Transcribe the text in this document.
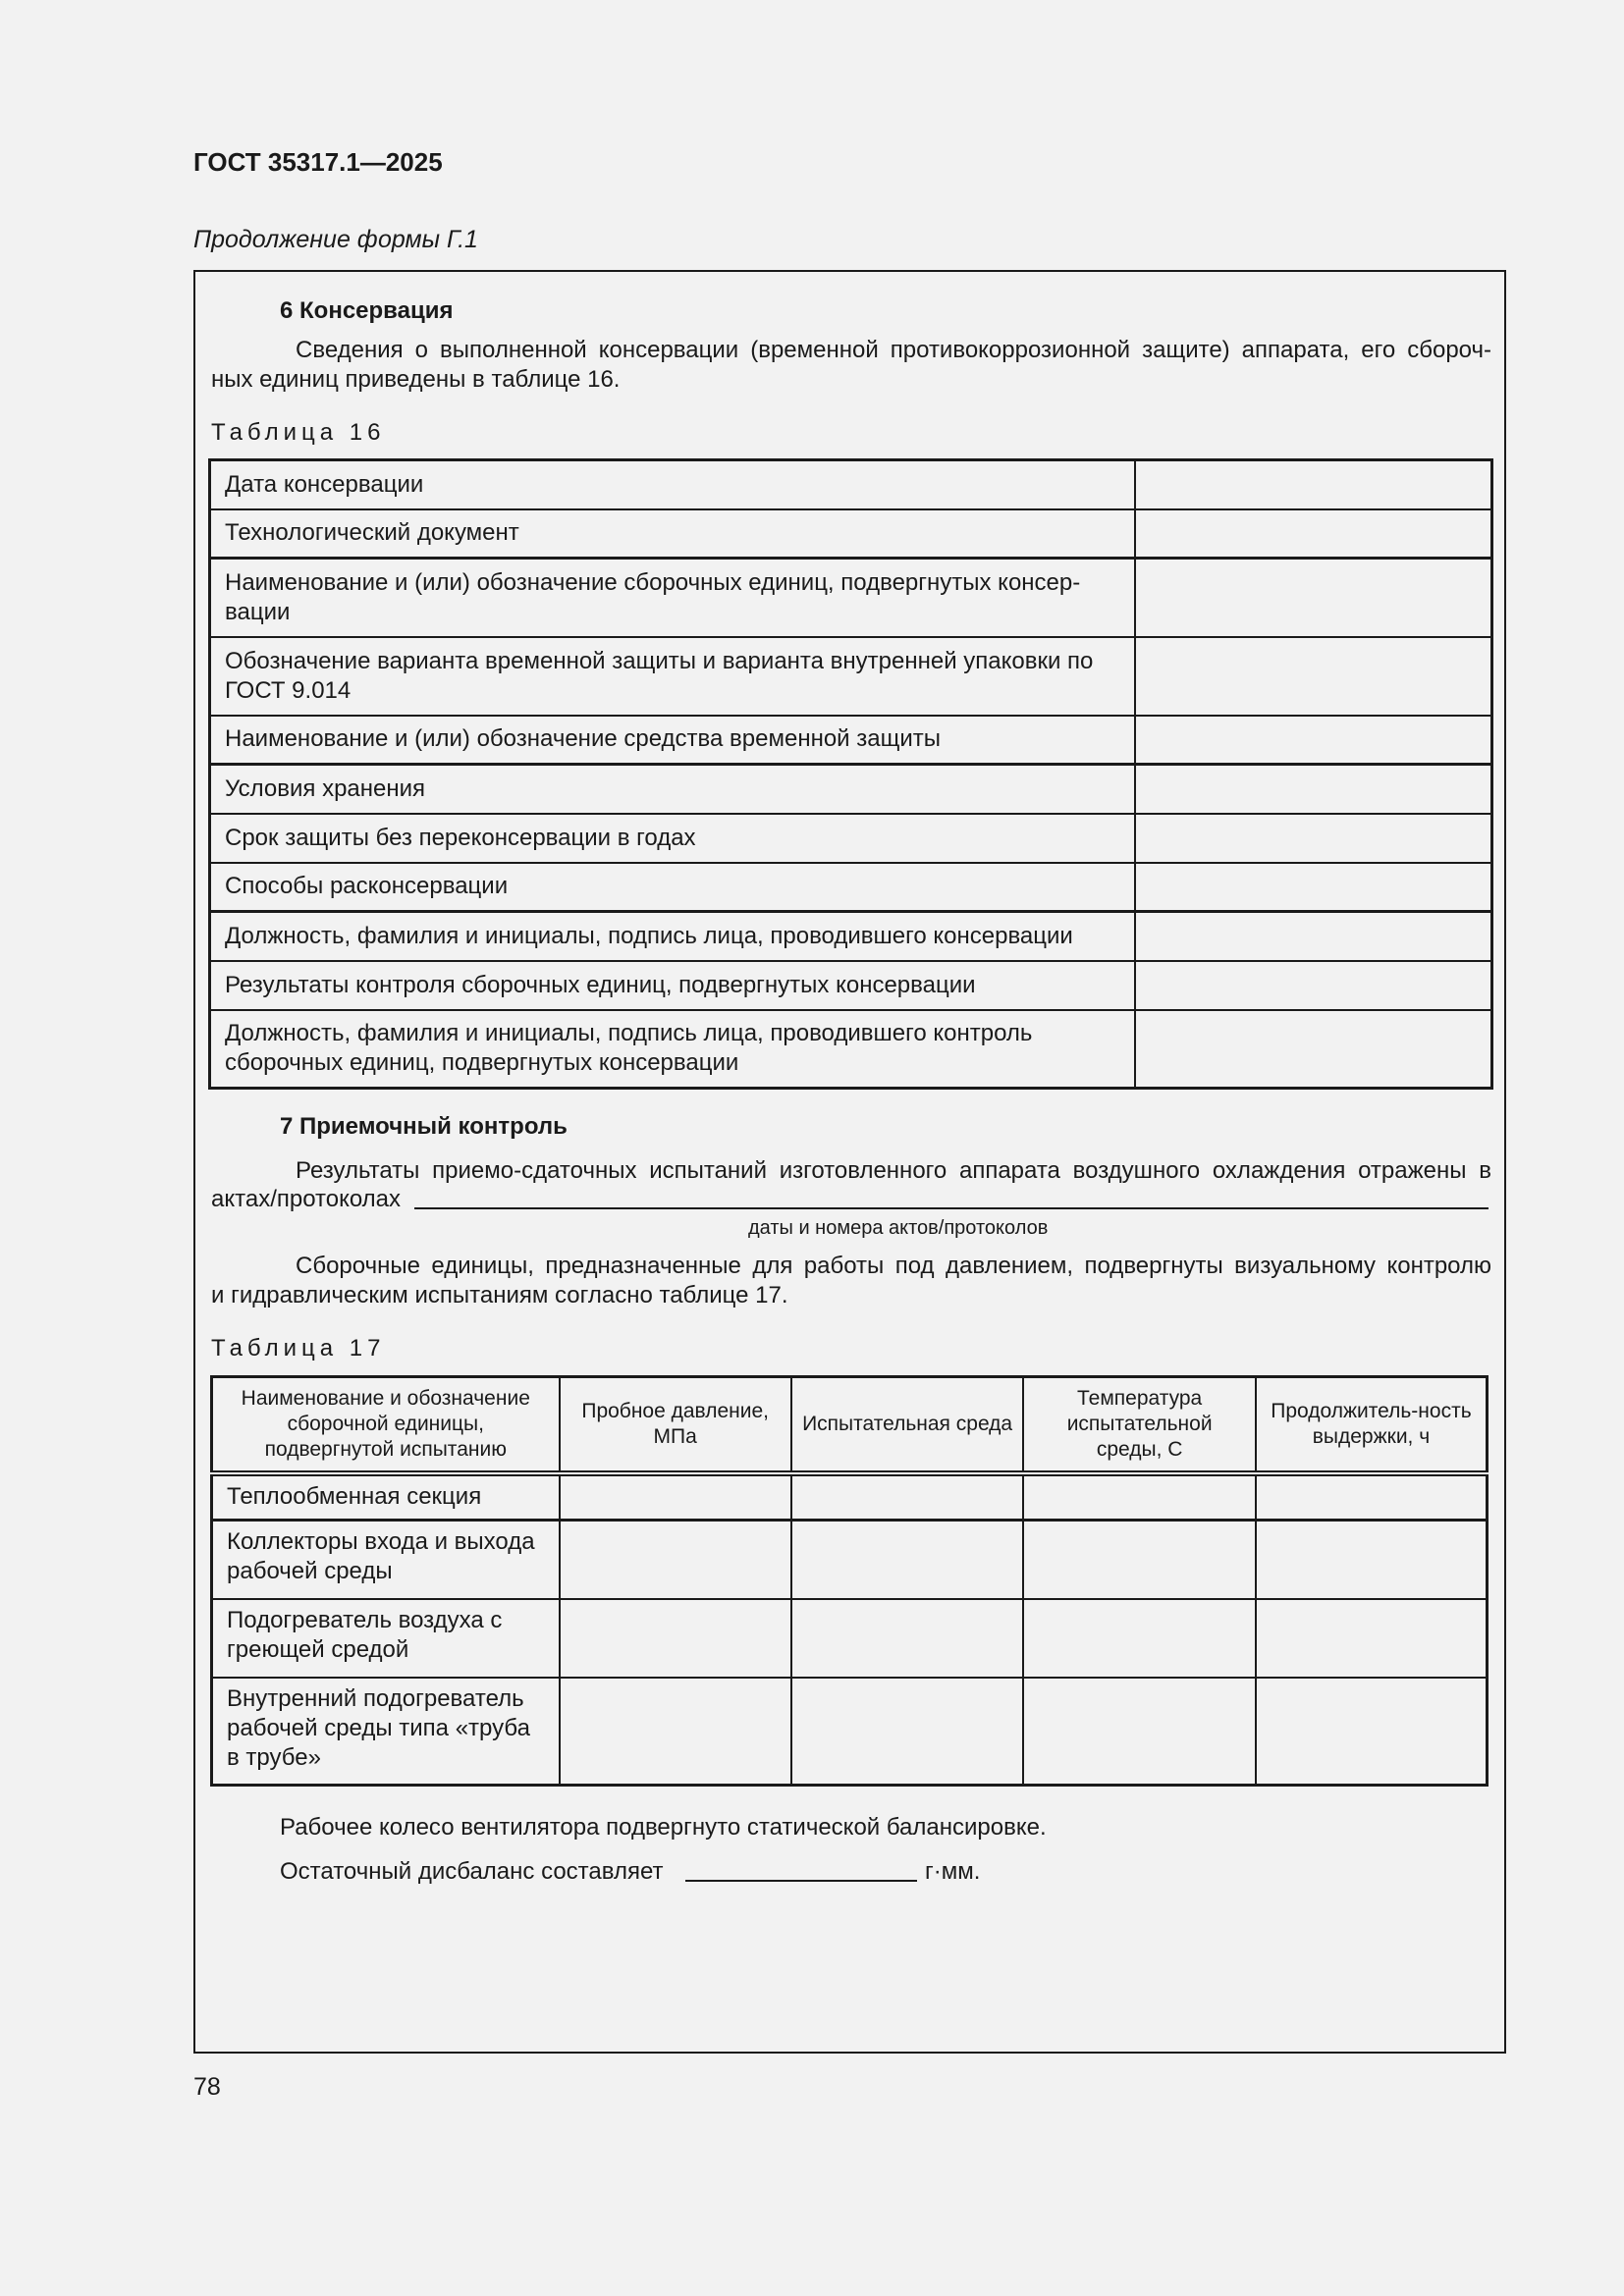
ГОСТ 35317.1—2025
Продолжение формы Г.1
6 Консервация
Сведения о выполненной консервации (временной противокоррозионной защите) аппарата, его сбороч-
ных единиц приведены в таблице 16.
Таблица 16
Дата консервации	
Технологический документ	
Наименование и (или) обозначение сборочных единиц, подвергнутых консер-вации	
Обозначение варианта временной защиты и варианта внутренней упаковки по ГОСТ 9.014	
Наименование и (или) обозначение средства временной защиты	
Условия хранения	
Срок защиты без переконсервации в годах	
Способы расконсервации	
Должность, фамилия и инициалы, подпись лица, проводившего консервации	
Результаты контроля сборочных единиц, подвергнутых консервации	
Должность, фамилия и инициалы, подпись лица, проводившего контроль сборочных единиц, подвергнутых консервации	
7 Приемочный контроль
Результаты приемо-сдаточных испытаний изготовленного аппарата воздушного охлаждения отражены в
актах/протоколах
даты и номера актов/протоколов
Сборочные единицы, предназначенные для работы под давлением, подвергнуты визуальному контролю
и гидравлическим испытаниям согласно таблице 17.
Таблица 17
Наименование и обозначение сборочной единицы, подвергнутой испытанию	Пробное давление, МПа	Испытательная среда	Температура испытательной среды, С	Продолжитель-ность выдержки, ч
Теплообменная секция				
Коллекторы входа и выхода рабочей среды				
Подогреватель воздуха с греющей средой				
Внутренний подогреватель рабочей среды типа «труба в трубе»				
Рабочее колесо вентилятора подвергнуто статической балансировке.
Остаточный дисбаланс составляет	г·мм.
78
